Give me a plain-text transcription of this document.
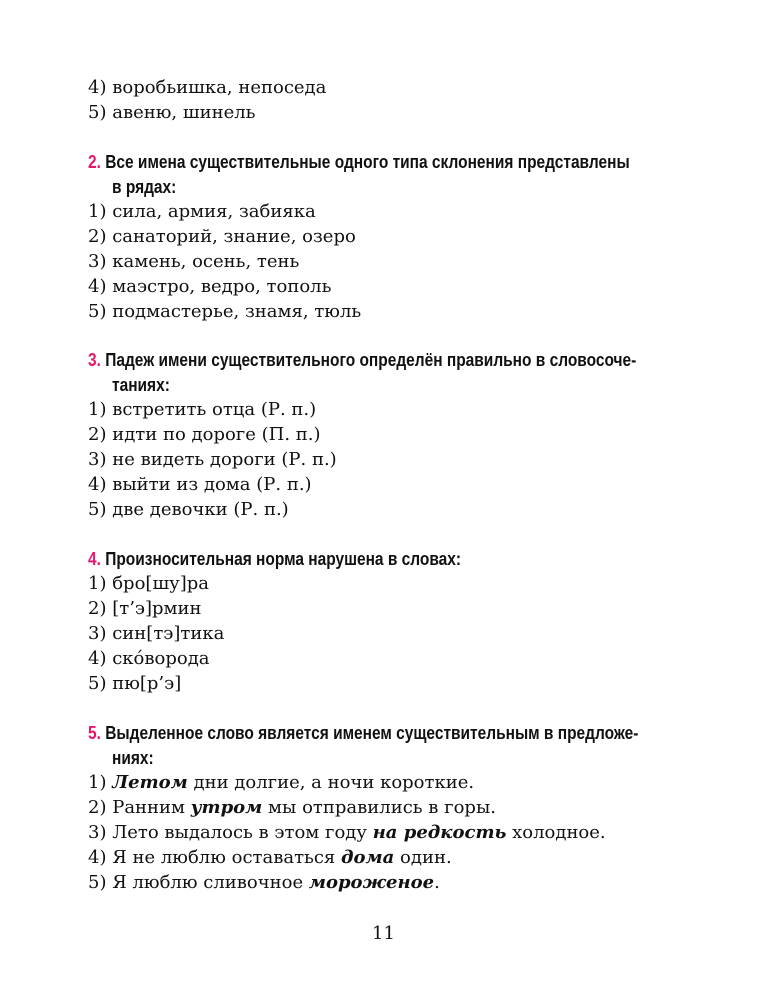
4) воробьишка, непоседа
5) авеню, шинель
2. Все имена существительные одного типа склонения представлены
в рядах:
1) сила, армия, забияка
2) санаторий, знание, озеро
3) камень, осень, тень
4) маэстро, ведро, тополь
5) подмастерье, знамя, тюль
3. Падеж имени существительного определён правильно в словосоче-
таниях:
1) встретить отца (Р. п.)
2) идти по дороге (П. п.)
3) не видеть дороги (Р. п.)
4) выйти из дома (Р. п.)
5) две девочки (Р. п.)
4. Произносительная норма нарушена в словах:
1) бро[шу]ра
2) [т’э]рмин
3) син[тэ]тика
4) ско́ворода
5) пю[р’э]
5. Выделенное слово является именем существительным в предложе-
ниях:
1) Летом дни долгие, а ночи короткие.
2) Ранним утром мы отправились в горы.
3) Лето выдалось в этом году на редкость холодное.
4) Я не люблю оставаться дома один.
5) Я люблю сливочное мороженое.
11
